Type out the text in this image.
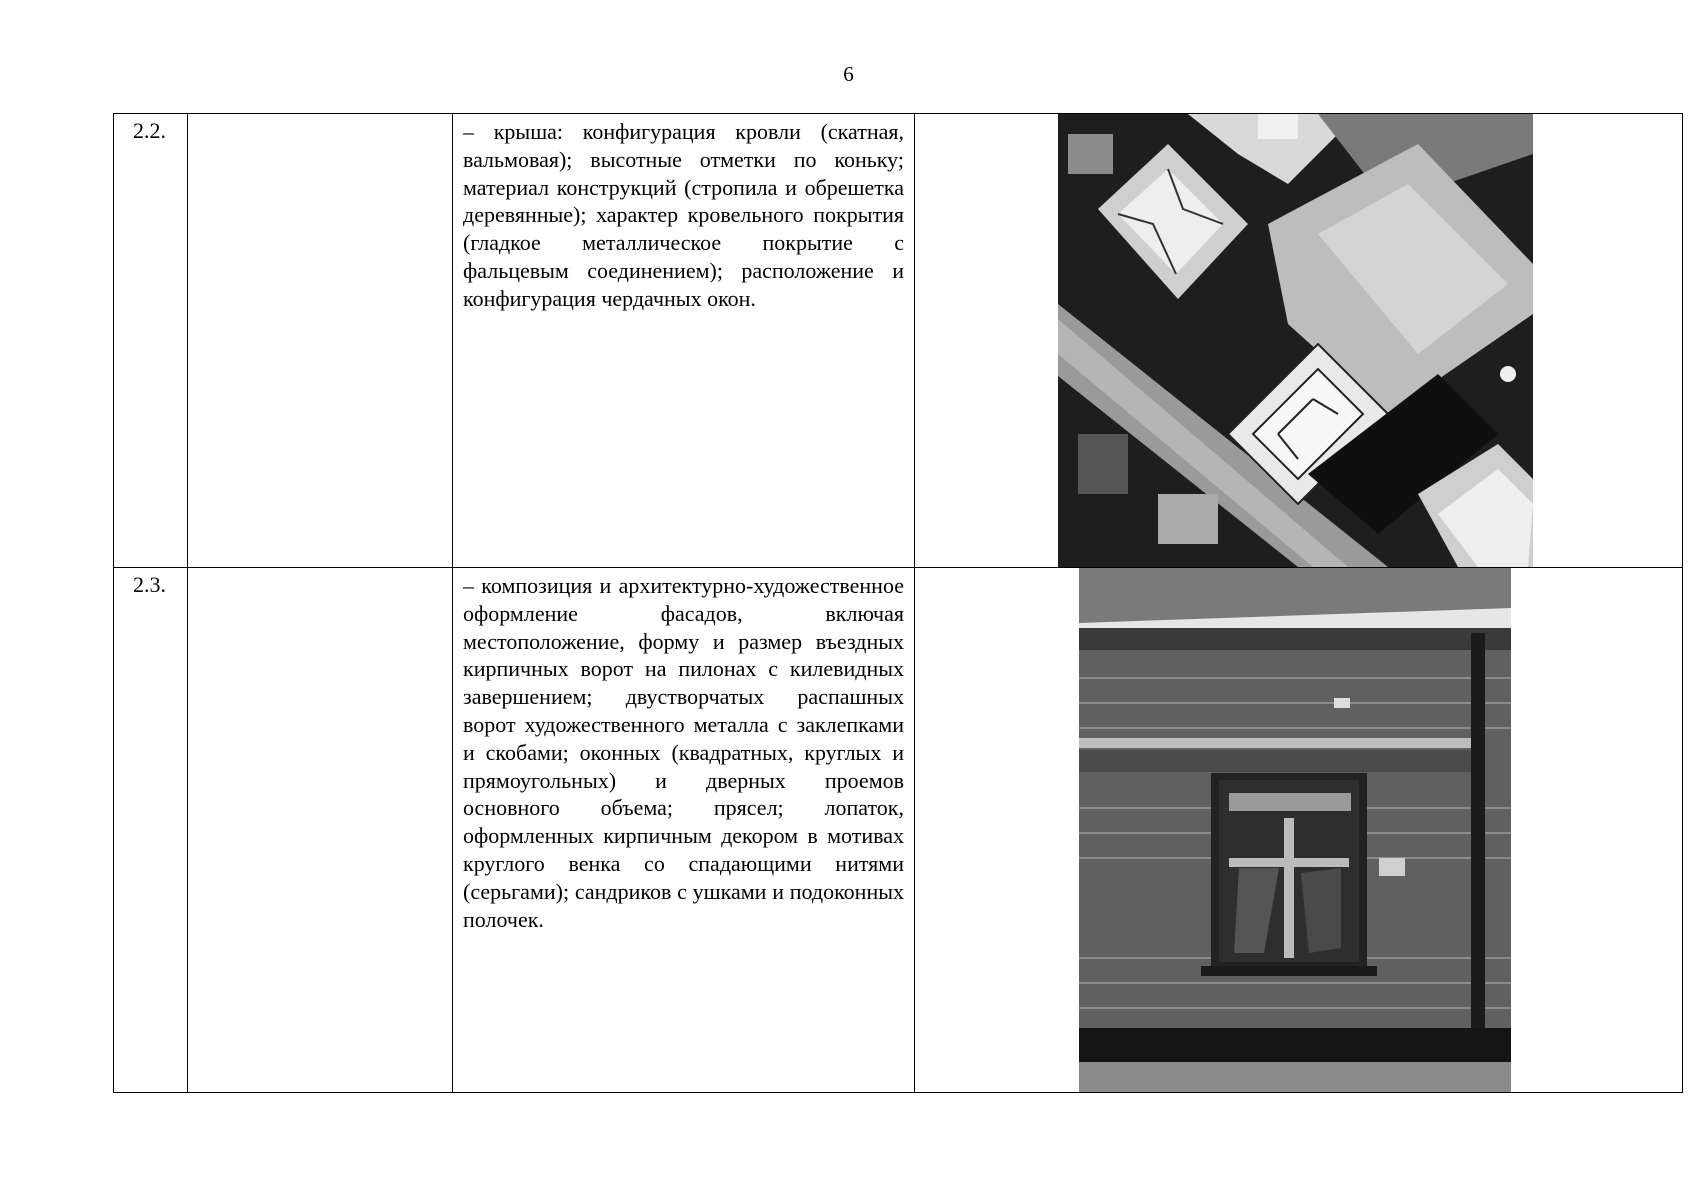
6
2.2.		– крыша: конфигурация кровли (скатная, вальмовая); высотные отметки по коньку; материал конструкций (стропила и обрешетка деревянные); характер кровельного покрытия (гладкое металлическое покрытие с фальцевым соединением); расположение и конфигурация чердачных окон.	

2.3.		– композиция и архитектурно-художественное оформление фасадов, включая местоположение, форму и размер въездных кирпичных ворот на пилонах с килевидных завершением; двустворчатых распашных ворот художественного металла с заклепками и скобами; оконных (квадратных, круглых и прямоугольных) и дверных проемов основного объема; прясел; лопаток, оформленных кирпичным декором в мотивах круглого венка со спадающими нитями (серьгами); сандриков с ушками и подоконных полочек.	
